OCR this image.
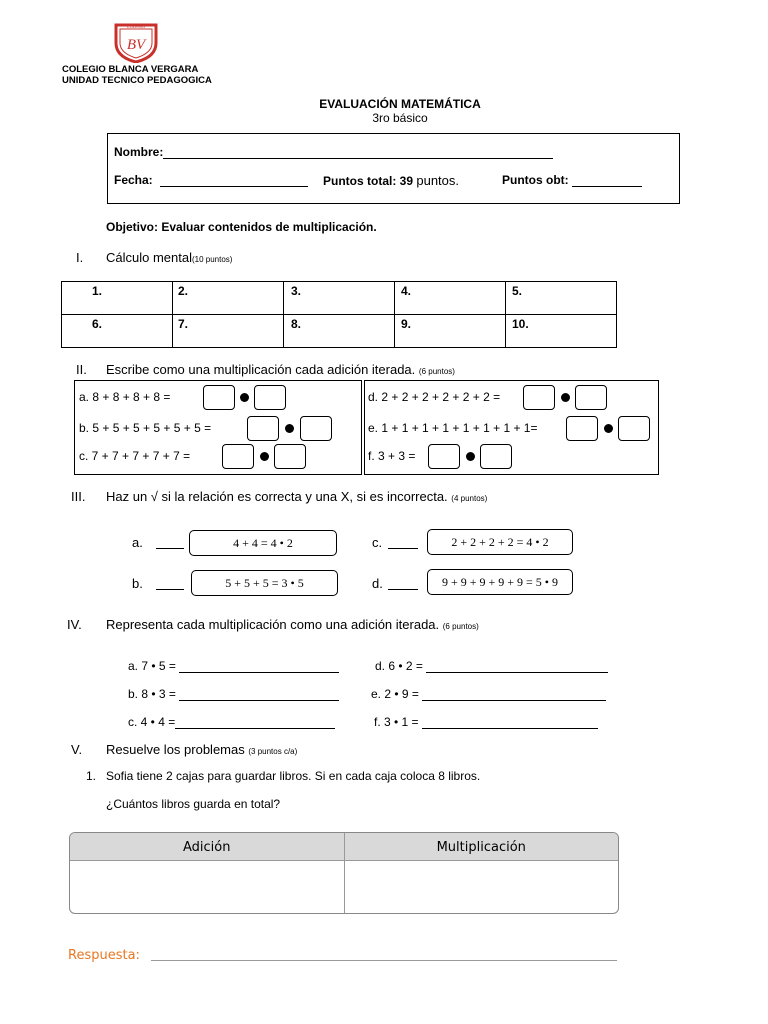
COLEGIO
BV
COLEGIO BLANCA VERGARA
UNIDAD TECNICO PEDAGOGICA
EVALUACIÓN MATEMÁTICA
3ro básico
Nombre:
Fecha:	Puntos total: 39 puntos.	Puntos obt:
Objetivo: Evaluar contenidos de multiplicación.
I. Cálculo mental(10 puntos)
1.	2.	3.	4.	5.
6.	7.	8.	9.	10.
II. Escribe como una multiplicación cada adición iterada. (6 puntos)
a. 8 + 8 + 8 + 8 =
b. 5 + 5 + 5 + 5 + 5 + 5 =
c. 7 + 7 + 7 + 7 + 7 =
d. 2 + 2 + 2 + 2 + 2 + 2 =
e. 1 + 1 + 1 + 1 + 1 + 1 + 1 + 1=
f. 3 + 3 =
III. Haz un √ si la relación es correcta y una X, si es incorrecta. (4 puntos)
a.	4 + 4 = 4 • 2	c.	2 + 2 + 2 + 2 = 4 • 2
b.	5 + 5 + 5 = 3 • 5	d.	9 + 9 + 9 + 9 + 9 = 5 • 9
IV. Representa cada multiplicación como una adición iterada. (6 puntos)
a. 7 • 5 =	d. 6 • 2 =
b. 8 • 3 =	e. 2 • 9 =
c. 4 • 4 =	f. 3 • 1 =
V. Resuelve los problemas (3 puntos c/a)
1. Sofia tiene 2 cajas para guardar libros. Si en cada caja coloca 8 libros.
¿Cuántos libros guarda en total?
Adición	Multiplicación
Respuesta:
